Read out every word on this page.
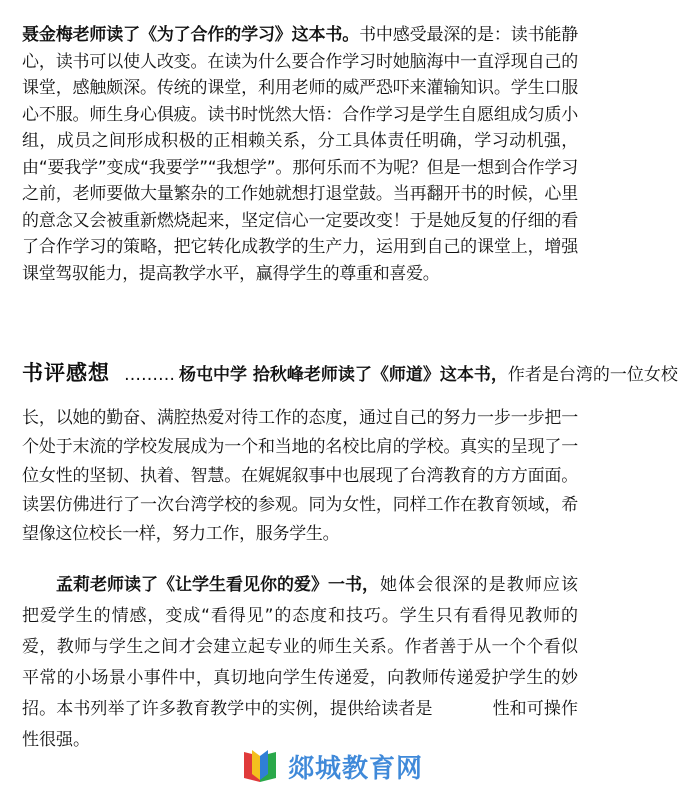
聂金梅老师读了《为了合作的学习》这本书。书中感受最深的是：读书能静心，读书可以使人改变。在读为什么要合作学习时她脑海中一直浮现自己的课堂，感触颇深。传统的课堂，利用老师的威严恐吓来灌输知识。学生口服心不服。师生身心俱疲。读书时恍然大悟：合作学习是学生自愿组成匀质小组，成员之间形成积极的正相赖关系，分工具体责任明确，学习动机强，由“要我学”变成“我要学”“我想学”。那何乐而不为呢？但是一想到合作学习之前，老师要做大量繁杂的工作她就想打退堂鼓。当再翻开书的时候，心里的意念又会被重新燃烧起来，坚定信心一定要改变！于是她反复的仔细的看了合作学习的策略，把它转化成教学的生产力，运用到自己的课堂上，增强课堂驾驭能力，提高教学水平，赢得学生的尊重和喜爱。

书评感想 ……… 杨屯中学 拾秋峰老师读了《师道》这本书，作者是台湾的一位女校

长，以她的勤奋、满腔热爱对待工作的态度，通过自己的努力一步一步把一个处于末流的学校发展成为一个和当地的名校比肩的学校。真实的呈现了一位女性的坚韧、执着、智慧。在娓娓叙事中也展现了台湾教育的方方面面。读罢仿佛进行了一次台湾学校的参观。同为女性，同样工作在教育领域，希望像这位校长一样，努力工作，服务学生。

孟莉老师读了《让学生看见你的爱》一书，她体会很深的是教师应该把爱学生的情感，变成“看得见”的态度和技巧。学生只有看得见教师的爱，教师与学生之间才会建立起专业的师生关系。作者善于从一个个看似平常的小场景小事件中，真切地向学生传递爱，向教师传递爱护学生的妙招。本书列举了许多教育教学中的实例，提供给读者是	性和可操作性很强。

郯城教育网
